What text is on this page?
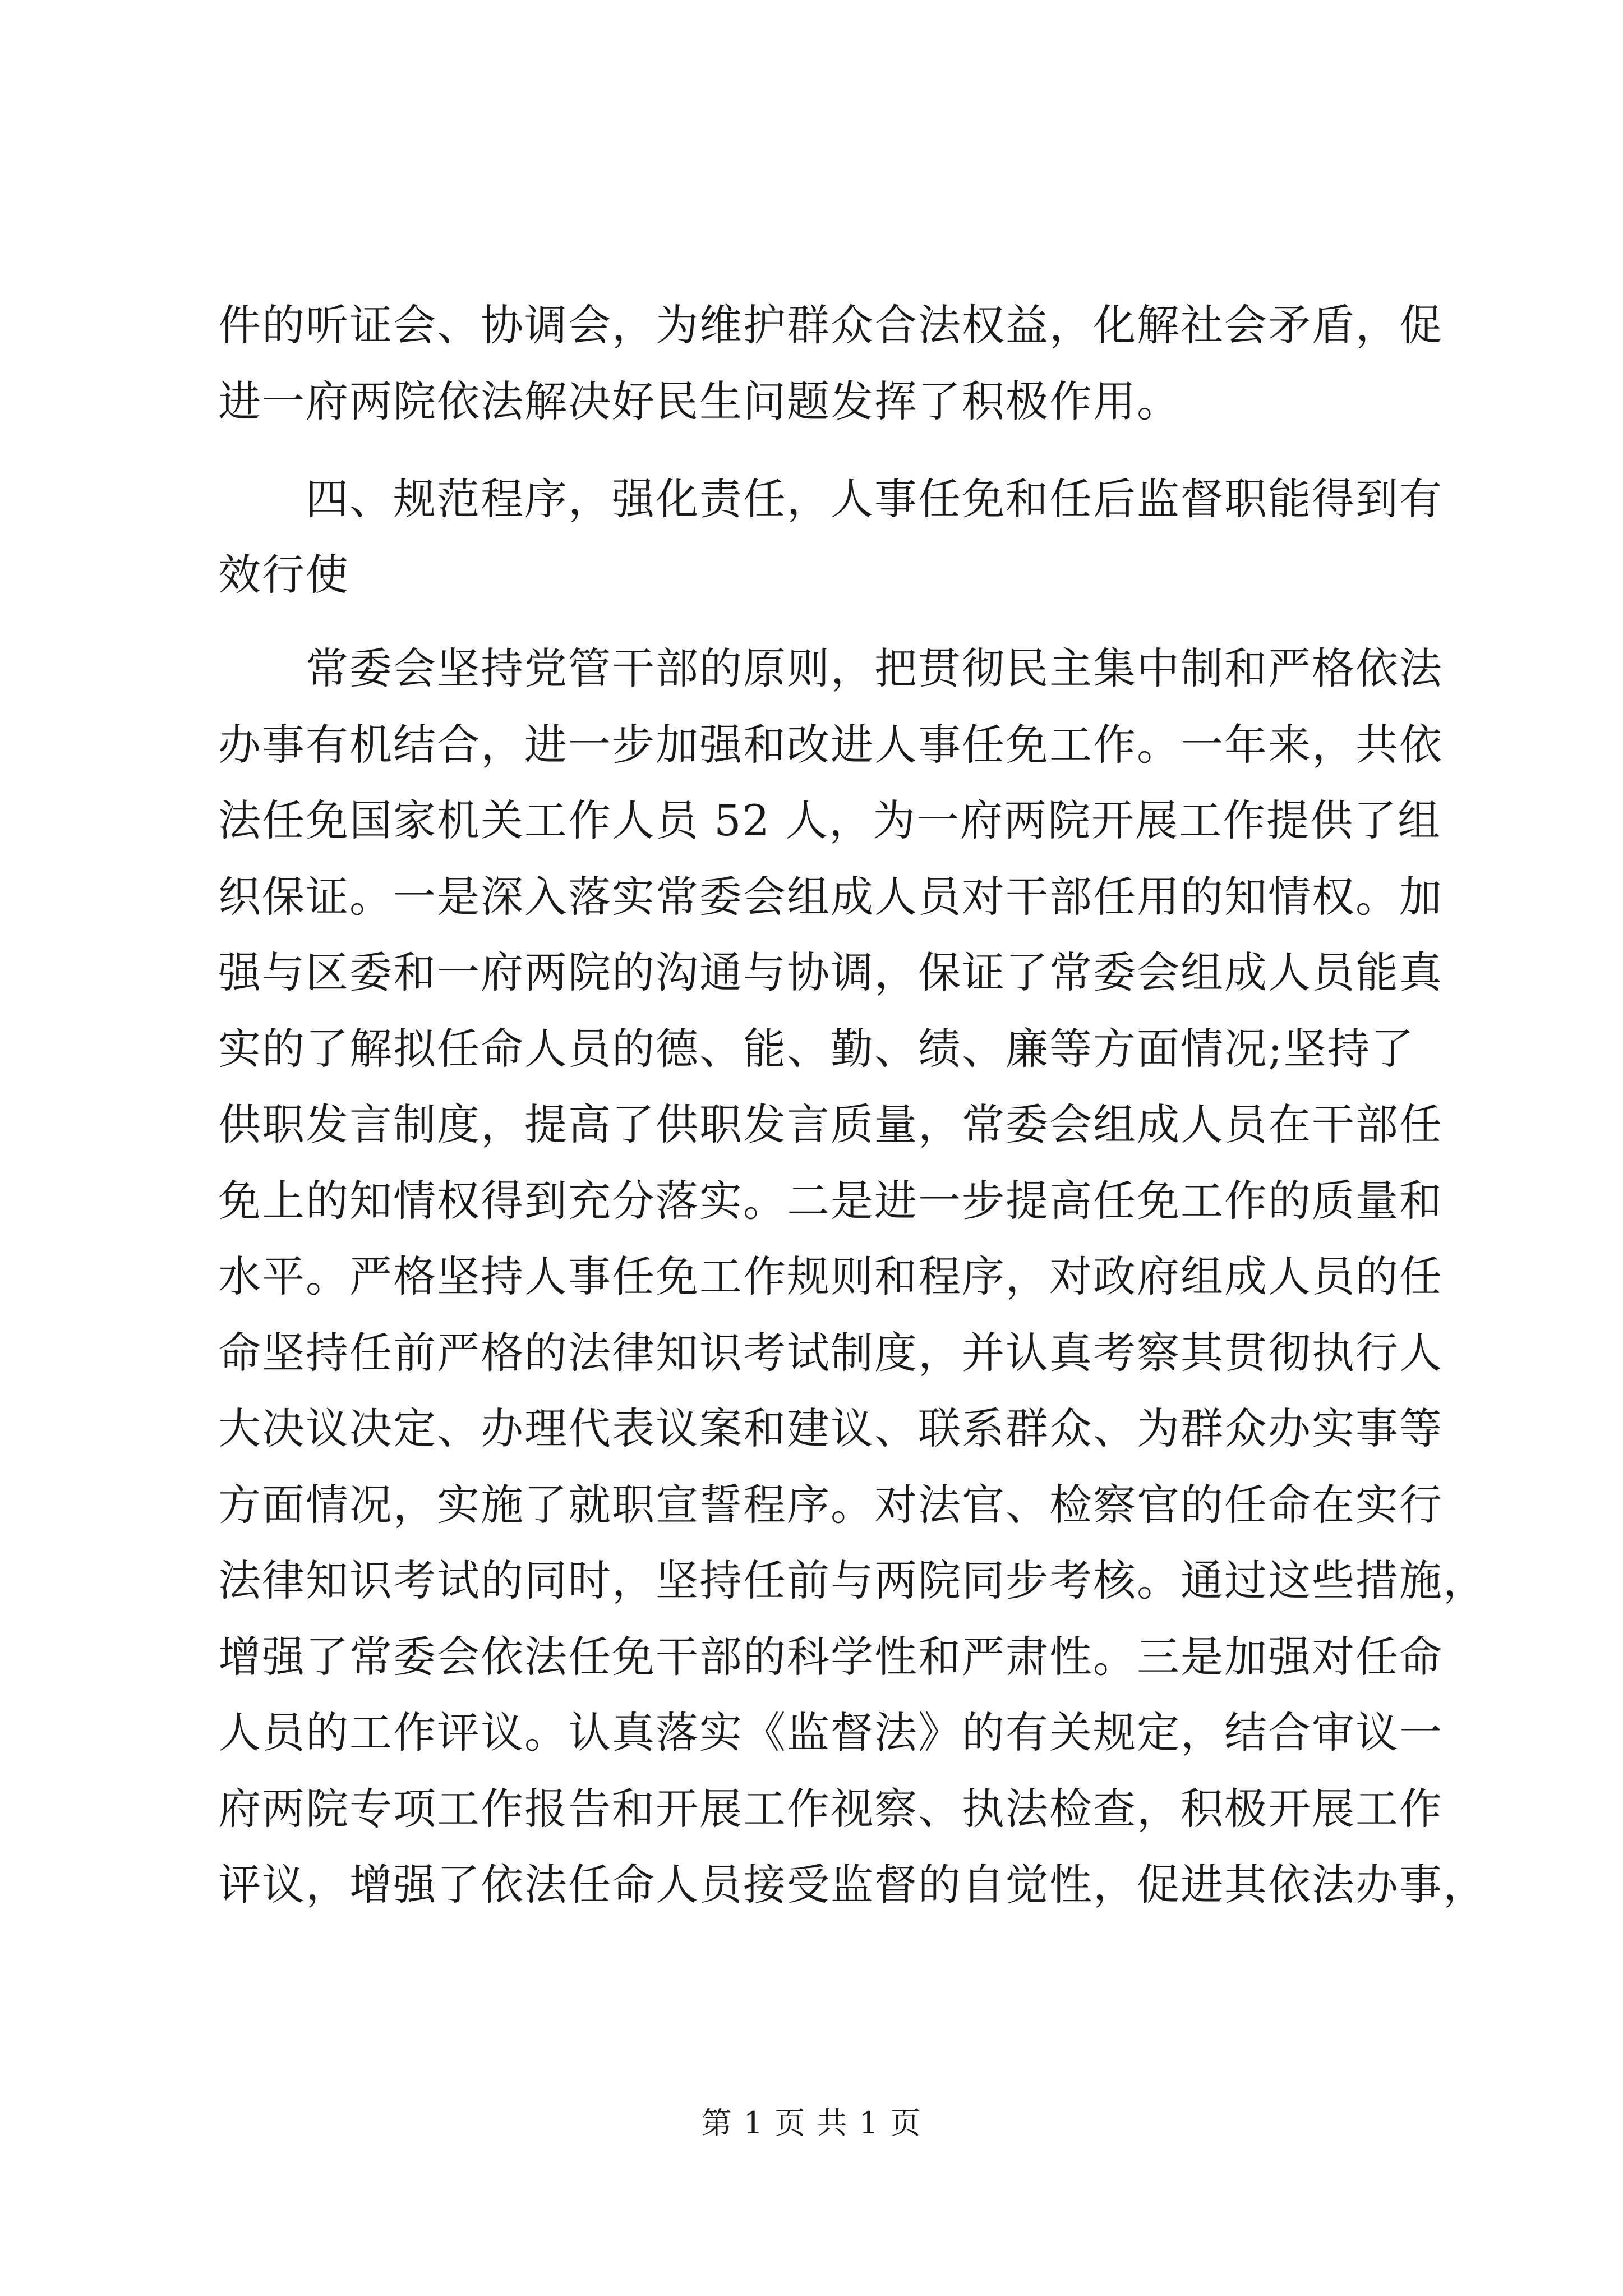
件的听证会、协调会，为维护群众合法权益，化解社会矛盾，促
进一府两院依法解决好民生问题发挥了积极作用。
四、规范程序，强化责任，人事任免和任后监督职能得到有
效行使
常委会坚持党管干部的原则，把贯彻民主集中制和严格依法
办事有机结合，进一步加强和改进人事任免工作。一年来，共依
法任免国家机关工作人员 52 人，为一府两院开展工作提供了组
织保证。一是深入落实常委会组成人员对干部任用的知情权。加
强与区委和一府两院的沟通与协调，保证了常委会组成人员能真
实的了解拟任命人员的德、能、勤、绩、廉等方面情况;坚持了
供职发言制度，提高了供职发言质量，常委会组成人员在干部任
免上的知情权得到充分落实。二是进一步提高任免工作的质量和
水平。严格坚持人事任免工作规则和程序，对政府组成人员的任
命坚持任前严格的法律知识考试制度，并认真考察其贯彻执行人
大决议决定、办理代表议案和建议、联系群众、为群众办实事等
方面情况，实施了就职宣誓程序。对法官、检察官的任命在实行
法律知识考试的同时，坚持任前与两院同步考核。通过这些措施，
增强了常委会依法任免干部的科学性和严肃性。三是加强对任命
人员的工作评议。认真落实《监督法》的有关规定，结合审议一
府两院专项工作报告和开展工作视察、执法检查，积极开展工作
评议，增强了依法任命人员接受监督的自觉性，促进其依法办事，
第 1 页 共 1 页
